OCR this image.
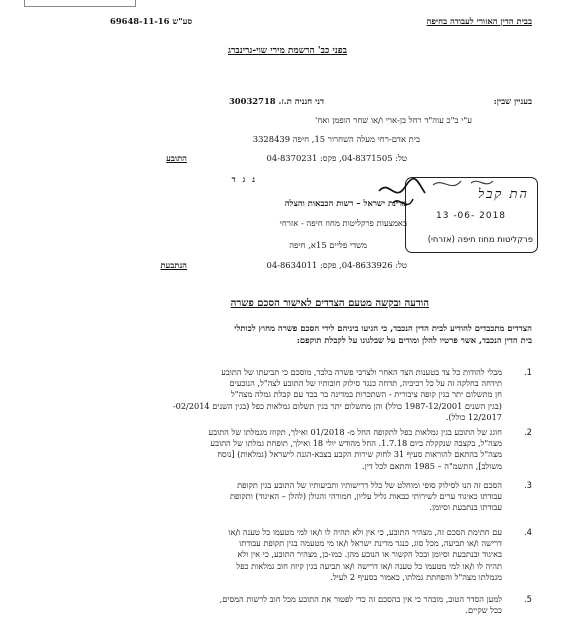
בבית הדין האזורי לעבודה בחיפה
69648-11-16 סע"ש
בפני כב' הרשמת מירי שוי-גרינברג
בעניין שבין:
דני חנניה ת.ז. 30032718
ע"י ב"כ עוה"ד רחל בן-ארי ו/או שחר הופמן ואח'
בית אדם-רחי מעלה השחרור 15, חיפה 3328439
טל: 04-8371505, פקס: 04-8370231
התובע
נ ג ד
מדינת ישראל – רשות הכבאות והצלה
באמצעות פרקליטות מחוז חיפה - אזרחי
משדי פליים 15א, חיפה
טל: 04-8633926, פקס: 04-8634011
הנתבעת
הת קבל
13 -06- 2018
פרקליטות מחוז חיפה (אזרחי)
הודעה ובקשה מטעם הצדדים לאישור הסכם פשרה
הצדדים מתכבדים להודיע לבית הדין הנכבד, כי הגיעו ביניהם לידי הסכם פשרה מחוץ לכותלי
בית הדין הנכבד, אשר פרטיו להלן ומודים על שבלגונו על לקבלת תוקפם:
1.
מבלי להודות כל צד בטענות הצד האחר ולצרכי פשרה בלבד, מוסכם כי תביעתו של התובע
תידחה בחלקה זה על כל רכיביה, תדחה כנגד סילוק חובותיו של התובע לצה"ל, הנובעים
חן מתשלום יתר בגין קופה ציבורית - השתכרות במדינה בר בכד עם קבלת גמלה מצה"ל
(בגין השנים 1987-12/2001 כולל) והן מתשלום יתר בגין תשלום גמלאות כפל (בגין השנים 02/2014-
12/2017 כולל).
2.
חוגג של התובע בגין גמלאות כפל לתקופה החל מ- 01/2018 ואילך, תקוזז מגמלתו של התובע
מצה"ל, בקצבה שנקקלה ביום 1.7.18. החל מהודש יולי 18 ואילך, תופחת גמלתו של התובע
מצה"ל בהתאם להוראות סעיף 31 לחוק שירות הקבע בצבא-הגנה לישראל (גמלאות) [נוסח
משולב], התשמ"ה – 1985 והתאם לכל דין.
3.
הסכם זה הנו לסילוק סופי ומוחלט של כלל דרישותיו ותביעותיו של התובע בגין תקופת
עבודתו כאיגוד ערים לשירותי כבאות גליל עליון, חמורהי והגולן (להלן – האיגוד) ותקופת
עבודתו בנתבעת וסיומן.
4.
עם חתימת הסכם זה, מצהיר התובע, כי אין ולא תהיה לו ו/או למי מטעמו כל טענה ו/או
דרישה ו/או תביעה, מכל סוג, כנגד מדינת ישראל ו/או מי מטעמה בגין תקופת עבודתו
באיגוד ובנתבעת וסיומן ובכל הקשור או הנובע מהן. כמו-כן, מצהיר התובע, כי אין ולא
תהיה לו ו/או למי מטעמו כל טענה ו/או דרישה ו/או תביעה בגין קיזוז חוב גמלאות כפל
מגמלתו מצה"ל והפחתת גמלתו, כאמור בסעיף 2 לעיל.
5.
למען הסדר הטוב, מובהר כי אין בהסכם זה כדי לפטור את התובע מכל חוב לרשות המסים,
ככל שקיים.
